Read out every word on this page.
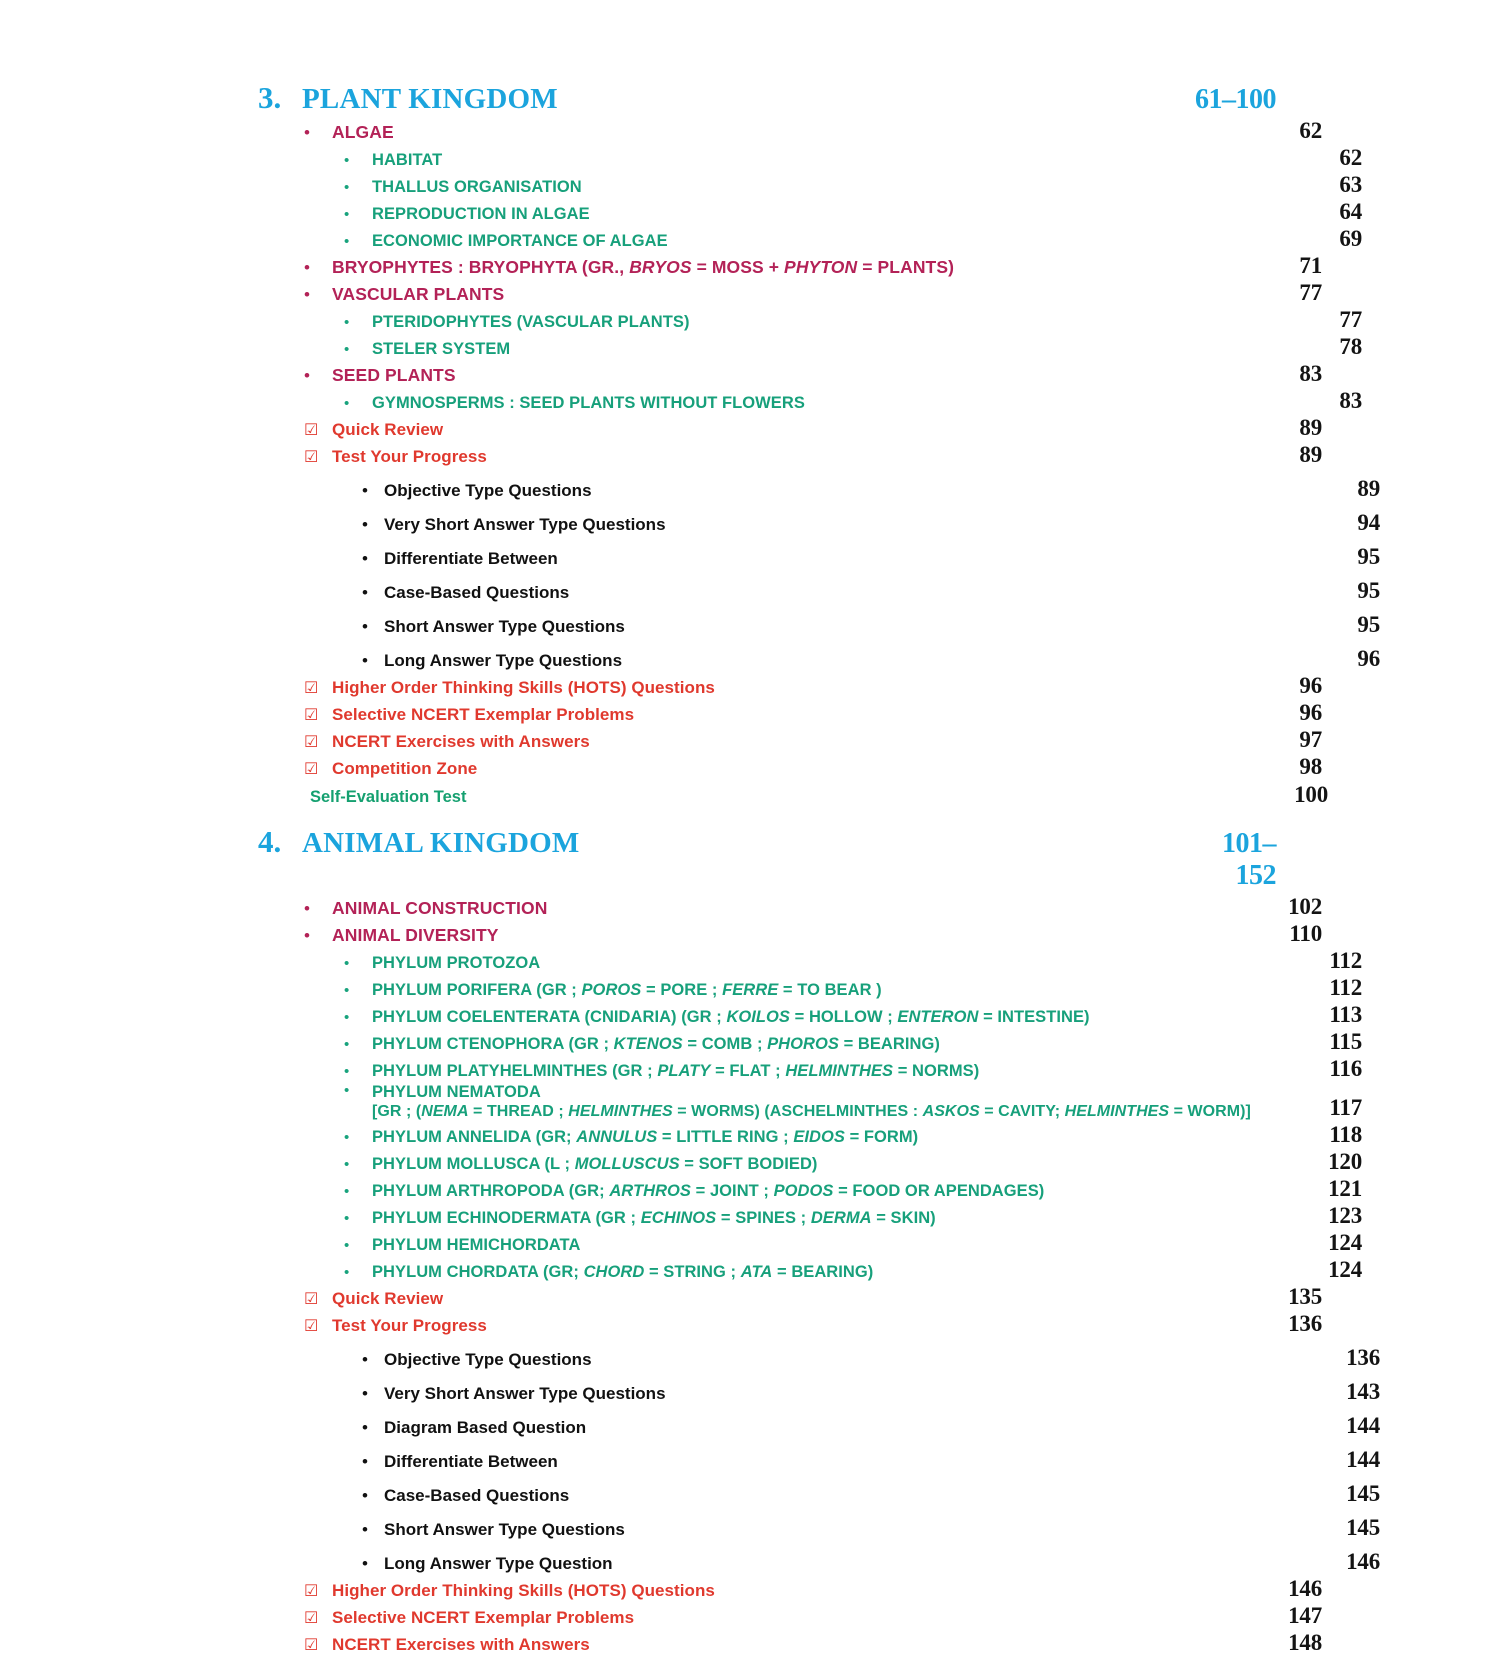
3. PLANT KINGDOM	61–100
•	ALGAE	62
•	HABITAT	62
•	THALLUS ORGANISATION	63
•	REPRODUCTION IN ALGAE	64
•	ECONOMIC IMPORTANCE OF ALGAE	69
•	BRYOPHYTES : BRYOPHYTA (GR., BRYOS = MOSS + PHYTON = PLANTS)	71
•	VASCULAR PLANTS	77
•	PTERIDOPHYTES (VASCULAR PLANTS)	77
•	STELER SYSTEM	78
•	SEED PLANTS	83
•	GYMNOSPERMS : SEED PLANTS WITHOUT FLOWERS	83
☑ Quick Review	89
☑ Test Your Progress	89
• Objective Type Questions	89
• Very Short Answer Type Questions	94
• Differentiate Between	95
• Case-Based Questions	95
• Short Answer Type Questions	95
• Long Answer Type Questions	96
☑ Higher Order Thinking Skills (HOTS) Questions	96
☑ Selective NCERT Exemplar Problems	96
☑ NCERT Exercises with Answers	97
☑ Competition Zone	98
Self-Evaluation Test	100
4. ANIMAL KINGDOM	101–152
•	ANIMAL CONSTRUCTION	102
•	ANIMAL DIVERSITY	110
•	PHYLUM PROTOZOA	112
•	PHYLUM PORIFERA (GR ; POROS = PORE ; FERRE = TO BEAR )	112
•	PHYLUM COELENTERATA (CNIDARIA) (GR ; KOILOS = HOLLOW ; ENTERON = INTESTINE)	113
•	PHYLUM CTENOPHORA (GR ; KTENOS = COMB ; PHOROS = BEARING)	115
•	PHYLUM PLATYHELMINTHES (GR ; PLATY = FLAT ; HELMINTHES = NORMS)	116
•	PHYLUM NEMATODA
[GR ; (NEMA = THREAD ; HELMINTHES = WORMS) (ASCHELMINTHES : ASKOS = CAVITY; HELMINTHES = WORM)]	117
•	PHYLUM ANNELIDA (GR; ANNULUS = LITTLE RING ; EIDOS = FORM)	118
•	PHYLUM MOLLUSCA (L ; MOLLUSCUS = SOFT BODIED)	120
•	PHYLUM ARTHROPODA (GR; ARTHROS = JOINT ; PODOS = FOOD OR APENDAGES)	121
•	PHYLUM ECHINODERMATA (GR ; ECHINOS = SPINES ; DERMA = SKIN)	123
•	PHYLUM HEMICHORDATA	124
•	PHYLUM CHORDATA (GR; CHORD = STRING ; ATA = BEARING)	124
☑ Quick Review	135
☑ Test Your Progress	136
• Objective Type Questions	136
• Very Short Answer Type Questions	143
• Diagram Based Question	144
• Differentiate Between	144
• Case-Based Questions	145
• Short Answer Type Questions	145
• Long Answer Type Question	146
☑ Higher Order Thinking Skills (HOTS) Questions	146
☑ Selective NCERT Exemplar Problems	147
☑ NCERT Exercises with Answers	148
